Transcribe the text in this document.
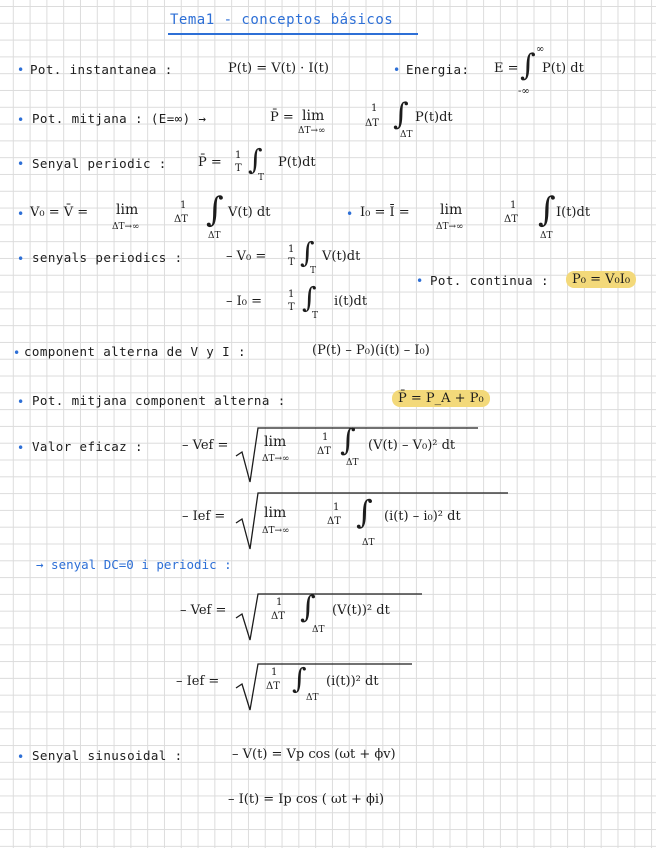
Tema1 - conceptos básicos
• Pot. instantanea :	P(t) = V(t) · I(t)	• Energia: E = ∫ ∞
-∞
P(t) dt
• Pot. mitjana : (E=∞) →	P̄ = lim
ΔT→∞
1
ΔT ∫
ΔT
P(t)dt
• Senyal periodic : P̄ = 1
T ∫
T
P(t)dt
• V₀ = V̄ = lim
ΔT→∞
1
ΔT ∫
ΔT
V(t) dt	• I₀ = Ī = lim
ΔT→∞
1
ΔT ∫
ΔT
I(t)dt
• senyals periodics :	– V₀ = 1
T ∫
T
V(t)dt
– I₀ =	1
T ∫
T
i(t)dt
• Pot. continua :	P₀ = V₀I₀
• component alterna de V y I :	(P(t) – P₀)(i(t) – I₀)
• Pot. mitjana component alterna :	P̄ = P_A + P₀
• Valor eficaz :	– Vef =	lim
ΔT→∞
1
ΔT ∫
ΔT
(V(t) – V₀)² dt
– Ief =	lim
ΔT→∞
1
ΔT ∫
ΔT
(i(t) – i₀)² dt
→ senyal DC=0 i periodic :
– Vef =
1
ΔT ∫
ΔT
(V(t))² dt
– Ief =
1
ΔT ∫
ΔT
(i(t))² dt
• Senyal sinusoidal :	– V(t) = Vp cos (ωt + ϕv)
– I(t) = Ip cos ( ωt + ϕi)
